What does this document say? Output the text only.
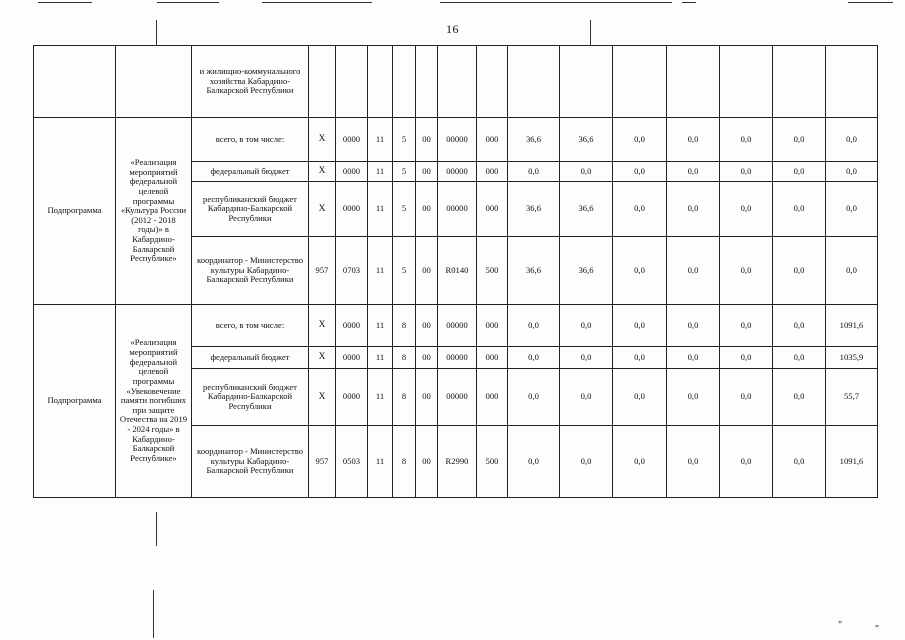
16
		и жилищно-коммунального хозяйства Кабардино-Балкарской Республики														
Подпрограмма	«Реализация мероприятий федеральной целевой программы «Культура России (2012 - 2018 годы)» в Кабардино-Балкарской Республике»	всего, в том числе:	X	0000	11	5	00	00000	000	36,6	36,6	0,0	0,0	0,0	0,0	0,0
		федеральный бюджет	X	0000	11	5	00	00000	000	0,0	0,0	0,0	0,0	0,0	0,0	0,0
		республиканский бюджет Кабардино-Балкарской Республики	X	0000	11	5	00	00000	000	36,6	36,6	0,0	0,0	0,0	0,0	0,0
		координатор - Министерство культуры Кабардино-Балкарской Республики	957	0703	11	5	00	R0140	500	36,6	36,6	0,0	0,0	0,0	0,0	0,0
Подпрограмма	«Реализация мероприятий федеральной целевой программы «Увековечение памяти погибших при защите Отечества на 2019 - 2024 годы» в Кабардино-Балкарской Республике»	всего, в том числе:	X	0000	11	8	00	00000	000	0,0	0,0	0,0	0,0	0,0	0,0	1091,6
		федеральный бюджет	X	0000	11	8	00	00000	000	0,0	0,0	0,0	0,0	0,0	0,0	1035,9
		республиканский бюджет Кабардино-Балкарской Республики	X	0000	11	8	00	00000	000	0,0	0,0	0,0	0,0	0,0	0,0	55,7
		координатор - Министерство культуры Кабардино-Балкарской Республики	957	0503	11	8	00	R2990	500	0,0	0,0	0,0	0,0	0,0	0,0	1091,6
"	"
